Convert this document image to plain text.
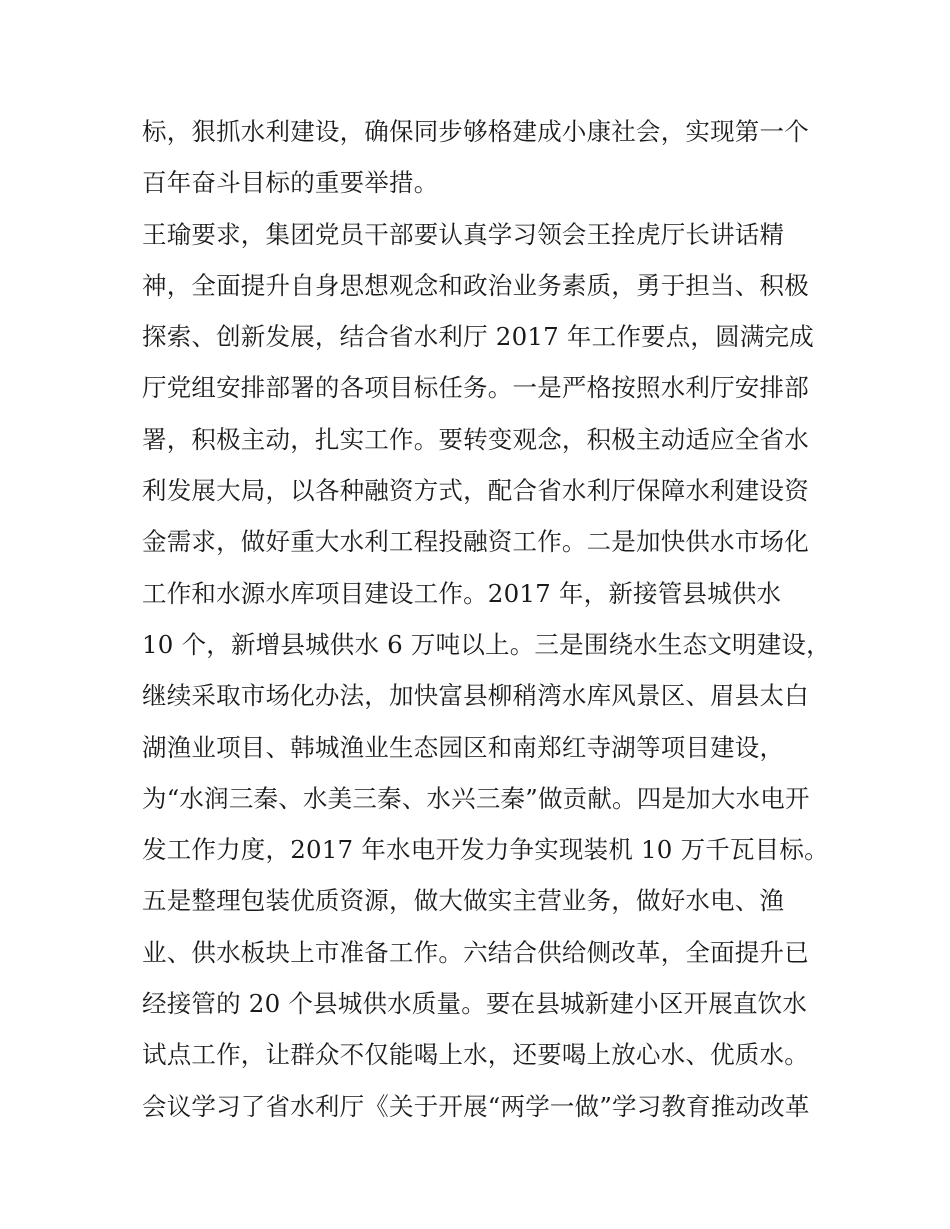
标，狠抓水利建设，确保同步够格建成小康社会，实现第一个
百年奋斗目标的重要举措。
王瑜要求，集团党员干部要认真学习领会王拴虎厅长讲话精
神，全面提升自身思想观念和政治业务素质，勇于担当、积极
探索、创新发展，结合省水利厅 2017 年工作要点，圆满完成
厅党组安排部署的各项目标任务。一是严格按照水利厅安排部
署，积极主动，扎实工作。要转变观念，积极主动适应全省水
利发展大局，以各种融资方式，配合省水利厅保障水利建设资
金需求，做好重大水利工程投融资工作。二是加快供水市场化
工作和水源水库项目建设工作。2017 年，新接管县城供水
10 个，新增县城供水 6 万吨以上。三是围绕水生态文明建设，
继续采取市场化办法，加快富县柳稍湾水库风景区、眉县太白
湖渔业项目、韩城渔业生态园区和南郑红寺湖等项目建设，
为“水润三秦、水美三秦、水兴三秦”做贡献。四是加大水电开
发工作力度，2017 年水电开发力争实现装机 10 万千瓦目标。
五是整理包装优质资源，做大做实主营业务，做好水电、渔
业、供水板块上市准备工作。六结合供给侧改革，全面提升已
经接管的 20 个县城供水质量。要在县城新建小区开展直饮水
试点工作，让群众不仅能喝上水，还要喝上放心水、优质水。
会议学习了省水利厅《关于开展“两学一做”学习教育推动改革
